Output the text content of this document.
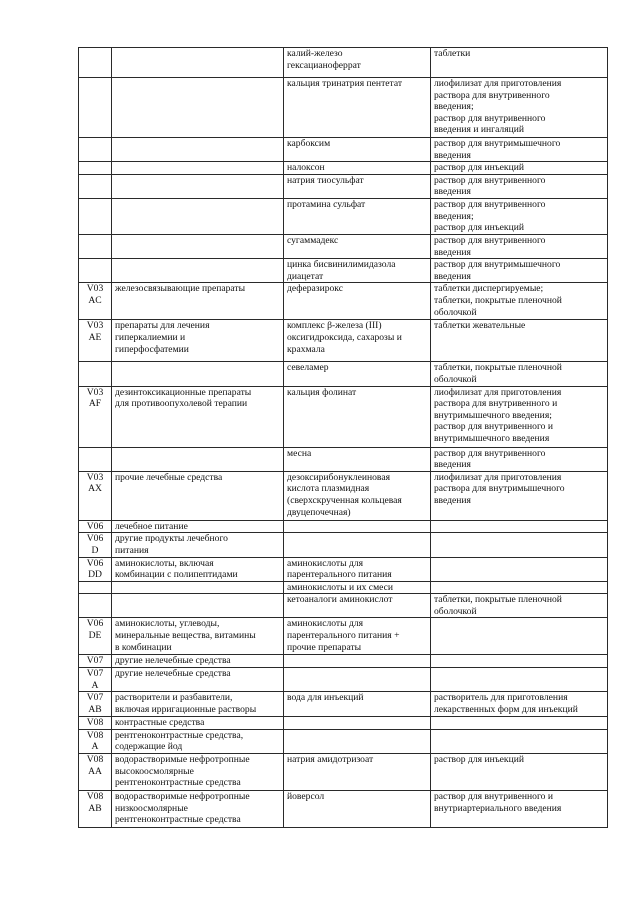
		калий-железо
гексацианоферрат	таблетки
		кальция тринатрия пентетат	лиофилизат для приготовления
раствора для внутривенного
введения;
раствор для внутривенного
введения и ингаляций
		карбоксим	раствор для внутримышечного
введения
		налоксон	раствор для инъекций
		натрия тиосульфат	раствор для внутривенного
введения
		протамина сульфат	раствор для внутривенного
введения;
раствор для инъекций
		сугаммадекс	раствор для внутривенного
введения
		цинка бисвинилимидазола
диацетат	раствор для внутримышечного
введения
V03
AC	железосвязывающие препараты	деферазирокс	таблетки диспергируемые;
таблетки, покрытые пленочной
оболочкой
V03
AE	препараты для лечения
гиперкалиемии и
гиперфосфатемии	комплекс β-железа (III)
оксигидроксида, сахарозы и
крахмала	таблетки жевательные
		севеламер	таблетки, покрытые пленочной
оболочкой
V03
AF	дезинтоксикационные препараты
для противоопухолевой терапии	кальция фолинат	лиофилизат для приготовления
раствора для внутривенного и
внутримышечного введения;
раствор для внутривенного и
внутримышечного введения
		месна	раствор для внутривенного
введения
V03
AX	прочие лечебные средства	дезоксирибонуклеиновая
кислота плазмидная
(сверхскрученная кольцевая
двуцепочечная)	лиофилизат для приготовления
раствора для внутримышечного
введения
V06	лечебное питание		
V06
D	другие продукты лечебного
питания		
V06
DD	аминокислоты, включая
комбинации с полипептидами	аминокислоты для
парентерального питания	
		аминокислоты и их смеси	
		кетоаналоги аминокислот	таблетки, покрытые пленочной
оболочкой
V06
DE	аминокислоты, углеводы,
минеральные вещества, витамины
в комбинации	аминокислоты для
парентерального питания +
прочие препараты	
V07	другие нелечебные средства		
V07
A	другие нелечебные средства		
V07
AB	растворители и разбавители,
включая ирригационные растворы	вода для инъекций	растворитель для приготовления
лекарственных форм для инъекций
V08	контрастные средства		
V08
A	рентгеноконтрастные средства,
содержащие йод		
V08
AA	водорастворимые нефротропные
высокоосмолярные
рентгеноконтрастные средства	натрия амидотризоат	раствор для инъекций
V08
AB	водорастворимые нефротропные
низкоосмолярные
рентгеноконтрастные средства	йоверсол	раствор для внутривенного и
внутриартериального введения
